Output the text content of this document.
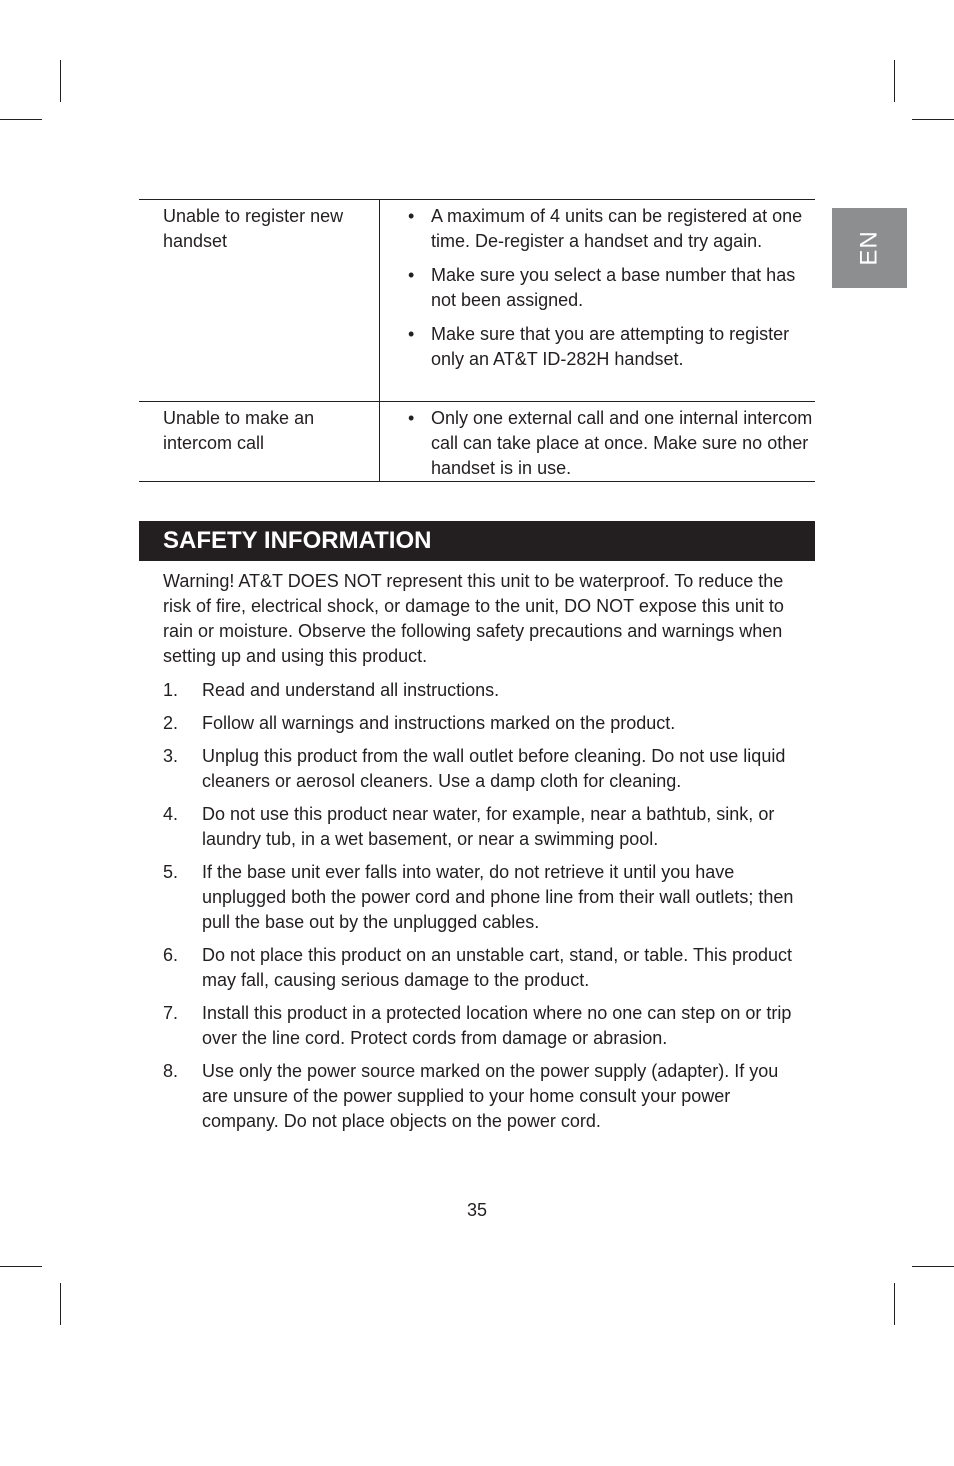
EN
Unable to register new handset
• A maximum of 4 units can be registered at one time. De-register a handset and try again.
• Make sure you select a base number that has not been assigned.
• Make sure that you are attempting to register only an AT&T ID-282H handset.
Unable to make an intercom call
• Only one external call and one internal intercom call can take place at once. Make sure no other handset is in use.
SAFETY INFORMATION

Warning! AT&T DOES NOT represent this unit to be waterproof. To reduce the risk of fire, electrical shock, or damage to the unit, DO NOT expose this unit to rain or moisture. Observe the following safety precautions and warnings when setting up and using this product.

1. Read and understand all instructions.
2. Follow all warnings and instructions marked on the product.
3. Unplug this product from the wall outlet before cleaning. Do not use liquid cleaners or aerosol cleaners. Use a damp cloth for cleaning.
4. Do not use this product near water, for example, near a bathtub, sink, or laundry tub, in a wet basement, or near a swimming pool.
5. If the base unit ever falls into water, do not retrieve it until you have unplugged both the power cord and phone line from their wall outlets; then pull the base out by the unplugged cables.
6. Do not place this product on an unstable cart, stand, or table. This product may fall, causing serious damage to the product.
7. Install this product in a protected location where no one can step on or trip over the line cord. Protect cords from damage or abrasion.
8. Use only the power source marked on the power supply (adapter). If you are unsure of the power supplied to your home consult your power company. Do not place objects on the power cord.
35
